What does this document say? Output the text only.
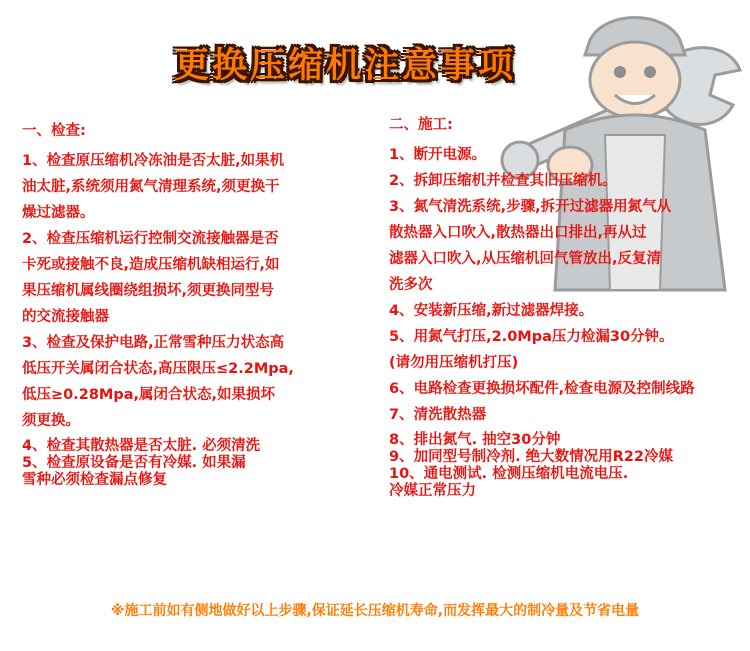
更换压缩机注意事项

一、检查:

1、检查原压缩机冷冻油是否太脏,如果机

油太脏,系统须用氮气清理系统,须更换干

燥过滤器。

2、检查压缩机运行控制交流接触器是否

卡死或接触不良,造成压缩机缺相运行,如

果压缩机属线圈绕组损坏,须更换同型号

的交流接触器

3、检查及保护电路,正常雪种压力状态高

低压开关属闭合状态,高压限压≤2.2Mpa,

低压≥0.28Mpa,属闭合状态,如果损坏

须更换。

4、检查其散热器是否太脏. 必须清洗

5、检查原设备是否有冷媒. 如果漏

雪种必须检查漏点修复

二、施工:

1、断开电源。

2、拆卸压缩机并检查其旧压缩机。

3、氮气清洗系统,步骤,拆开过滤器用氮气从

散热器入口吹入,散热器出口排出,再从过

滤器入口吹入,从压缩机回气管放出,反复清

洗多次

4、安装新压缩,新过滤器焊接。

5、用氮气打压,2.0Mpa压力检漏30分钟。

(请勿用压缩机打压)

6、电路检查更换损坏配件,检查电源及控制线路

7、清洗散热器

8、排出氮气. 抽空30分钟

9、加同型号制冷剂. 绝大数情况用R22冷媒

10、通电测试. 检测压缩机电流电压.

冷媒正常压力

※施工前如有侧地做好以上步骤,保证延长压缩机寿命,而发挥最大的制冷量及节省电量
